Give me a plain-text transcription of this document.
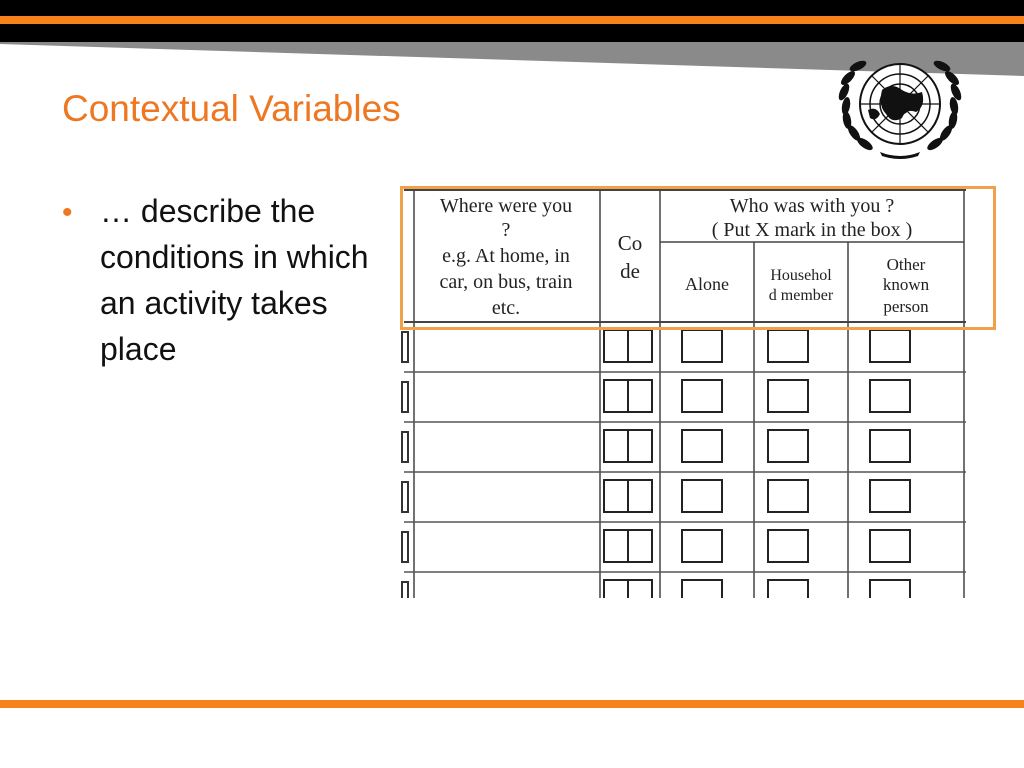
Contextual Variables
• … describe the conditions in which an activity takes place
Where were you
?
e.g. At home, in
car, on bus, train
etc.
Co
de
Who was with you ?
( Put X mark in the box )
Alone	Househol
d member
Other
known
person
